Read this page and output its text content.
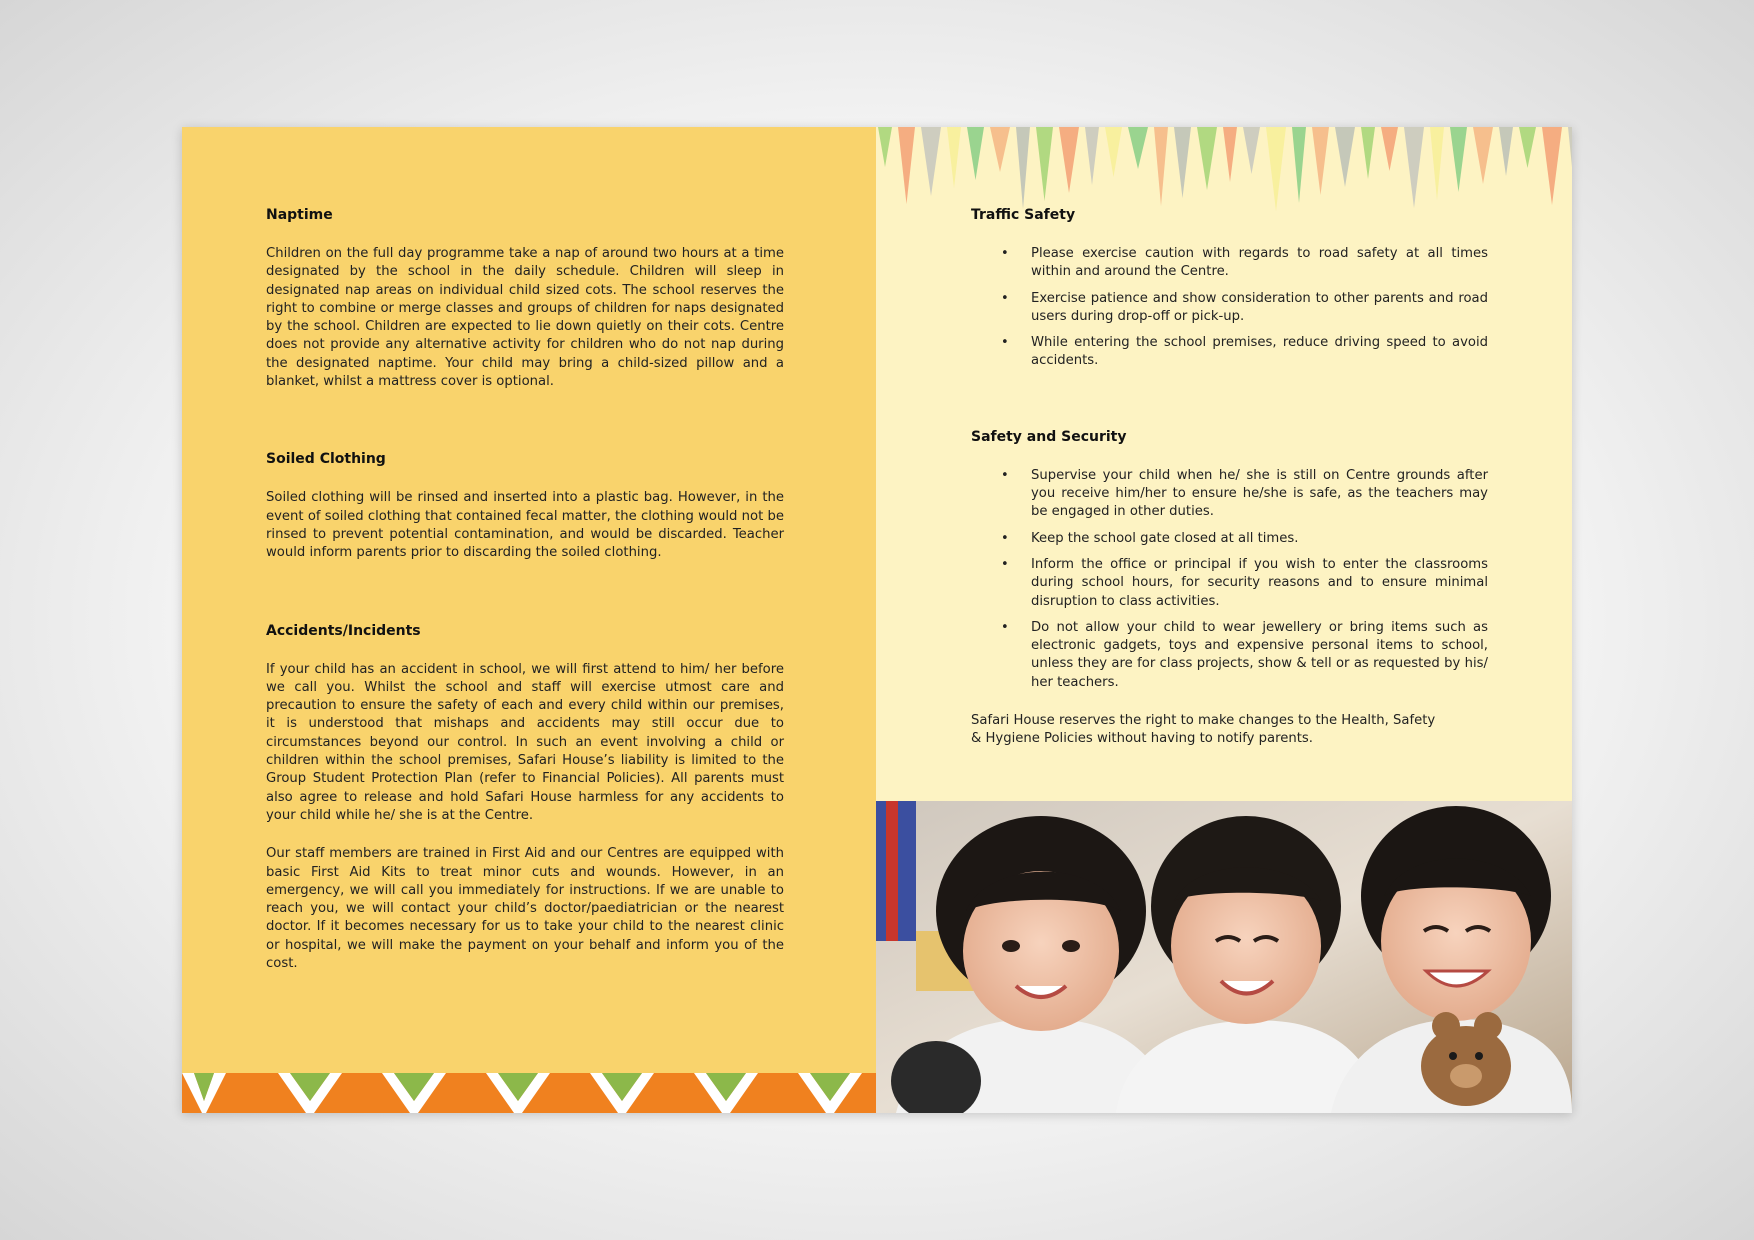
Naptime

Children on the full day programme take a nap of around two hours at a time designated by the school in the daily schedule. Children will sleep in designated nap areas on individual child sized cots. The school reserves the right to combine or merge classes and groups of children for naps designated by the school. Children are expected to lie down quietly on their cots. Centre does not provide any alternative activity for children who do not nap during the designated naptime. Your child may bring a child-sized pillow and a blanket, whilst a mattress cover is optional.

Soiled Clothing

Soiled clothing will be rinsed and inserted into a plastic bag. However, in the event of soiled clothing that contained fecal matter, the clothing would not be rinsed to prevent potential contamination, and would be discarded. Teacher would inform parents prior to discarding the soiled clothing.

Accidents/Incidents

If your child has an accident in school, we will first attend to him/ her before we call you. Whilst the school and staff will exercise utmost care and precaution to ensure the safety of each and every child within our premises, it is understood that mishaps and accidents may still occur due to circumstances beyond our control. In such an event involving a child or children within the school premises, Safari House’s liability is limited to the Group Student Protection Plan (refer to Financial Policies). All parents must also agree to release and hold Safari House harmless for any accidents to your child while he/ she is at the Centre.

Our staff members are trained in First Aid and our Centres are equipped with basic First Aid Kits to treat minor cuts and wounds. However, in an emergency, we will call you immediately for instructions. If we are unable to reach you, we will contact your child’s doctor/paediatrician or the nearest doctor. If it becomes necessary for us to take your child to the nearest clinic or hospital, we will make the payment on your behalf and inform you of the cost.

Traffic Safety
• Please exercise caution with regards to road safety at all times within and around the Centre.
• Exercise patience and show consideration to other parents and road users during drop-off or pick-up.
• While entering the school premises, reduce driving speed to avoid accidents.
Safety and Security
• Supervise your child when he/ she is still on Centre grounds after you receive him/her to ensure he/she is safe, as the teachers may be engaged in other duties.
• Keep the school gate closed at all times.
• Inform the office or principal if you wish to enter the classrooms during school hours, for security reasons and to ensure minimal disruption to class activities.
• Do not allow your child to wear jewellery or bring items such as electronic gadgets, toys and expensive personal items to school, unless they are for class projects, show & tell or as requested by his/ her teachers.

Safari House reserves the right to make changes to the Health, Safety & Hygiene Policies without having to notify parents.
